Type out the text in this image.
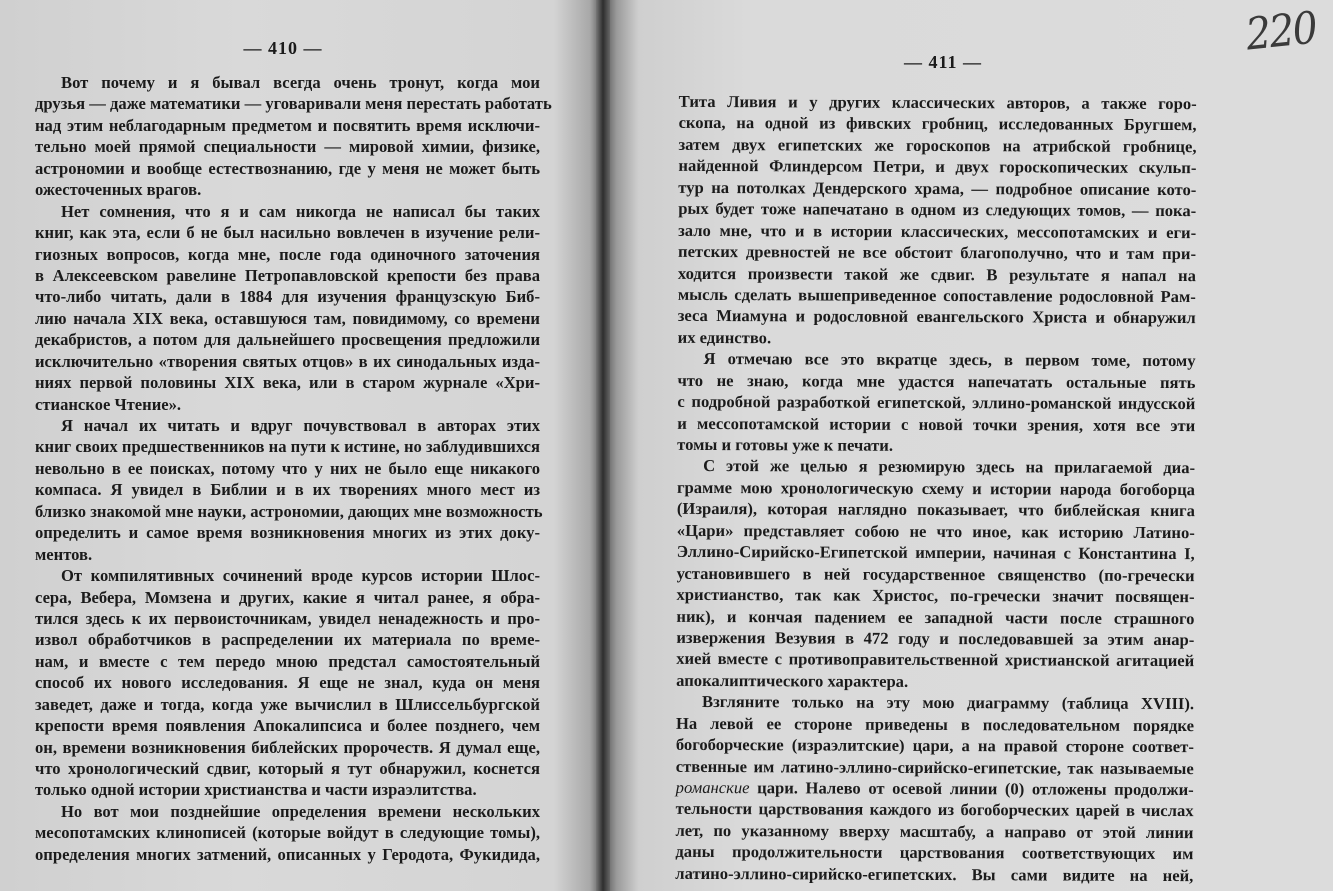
— 410 —
Вот почему и я бывал всегда очень тронут, когда мои
друзья — даже математики — уговаривали меня перестать работать
над этим неблагодарным предметом и посвятить время исключи-
тельно моей прямой специальности — мировой химии, физике,
астрономии и вообще естествознанию, где у меня не может быть
ожесточенных врагов.
Нет сомнения, что я и сам никогда не написал бы таких
книг, как эта, если б не был насильно вовлечен в изучение рели-
гиозных вопросов, когда мне, после года одиночного заточения
в Алексеевском равелине Петропавловской крепости без права
что-либо читать, дали в 1884 для изучения французскую Биб-
лию начала XIX века, оставшуюся там, повидимому, со времени
декабристов, а потом для дальнейшего просвещения предложили
исключительно «творения святых отцов» в их синодальных изда-
ниях первой половины XIX века, или в старом журнале «Хри-
стианское Чтение».
Я начал их читать и вдруг почувствовал в авторах этих
книг своих предшественников на пути к истине, но заблудившихся
невольно в ее поисках, потому что у них не было еще никакого
компаса. Я увидел в Библии и в их творениях много мест из
близко знакомой мне науки, астрономии, дающих мне возможность
определить и самое время возникновения многих из этих доку-
ментов.
От компилятивных сочинений вроде курсов истории Шлос-
сера, Вебера, Момзена и других, какие я читал ранее, я обра-
тился здесь к их первоисточникам, увидел ненадежность и про-
извол обработчиков в распределении их материала по време-
нам, и вместе с тем передо мною предстал самостоятельный
способ их нового исследования. Я еще не знал, куда он меня
заведет, даже и тогда, когда уже вычислил в Шлиссельбургской
крепости время появления Апокалипсиса и более позднего, чем
он, времени возникновения библейских пророчеств. Я думал еще,
что хронологический сдвиг, который я тут обнаружил, коснется
только одной истории христианства и части израэлитства.
Но вот мои позднейшие определения времени нескольких
месопотамских клинописей (которые войдут в следующие томы),
определения многих затмений, описанных у Геродота, Фукидида,
— 411 —
Тита Ливия и у других классических авторов, а также горо-
скопа, на одной из фивских гробниц, исследованных Бругшем,
затем двух египетских же гороскопов на атрибской гробнице,
найденной Флиндерсом Петри, и двух гороскопических скульп-
тур на потолках Дендерского храма, — подробное описание кото-
рых будет тоже напечатано в одном из следующих томов, — пока-
зало мне, что и в истории классических, мессопотамских и еги-
петских древностей не все обстоит благополучно, что и там при-
ходится произвести такой же сдвиг. В результате я напал на
мысль сделать вышеприведенное сопоставление родословной Рам-
зеса Миамуна и родословной евангельского Христа и обнаружил
их единство.
Я отмечаю все это вкратце здесь, в первом томе, потому
что не знаю, когда мне удастся напечатать остальные пять
с подробной разработкой египетской, эллино-романской индусской
и мессопотамской истории с новой точки зрения, хотя все эти
томы и готовы уже к печати.
С этой же целью я резюмирую здесь на прилагаемой диа-
грамме мою хронологическую схему и истории народа богоборца
(Израиля), которая наглядно показывает, что библейская книга
«Цари» представляет собою не что иное, как историю Латино-
Эллино-Сирийско-Египетской империи, начиная с Константина I,
установившего в ней государственное священство (по-гречески
христианство, так как Христос, по-гречески значит посвящен-
ник), и кончая падением ее западной части после страшного
извержения Везувия в 472 году и последовавшей за этим анар-
хией вместе с противоправительственной христианской агитацией
апокалиптического характера.
Взгляните только на эту мою диаграмму (таблица XVIII).
На левой ее стороне приведены в последовательном порядке
богоборческие (израэлитские) цари, а на правой стороне соответ-
ственные им латино-эллино-сирийско-египетские, так называемые
романские цари. Налево от осевой линии (0) отложены продолжи-
тельности царствования каждого из богоборческих царей в числах
лет, по указанному вверху масштабу, а направо от этой линии
даны продолжительности царствования соответствующих им
латино-эллино-сирийско-египетских. Вы сами видите на ней,
220
